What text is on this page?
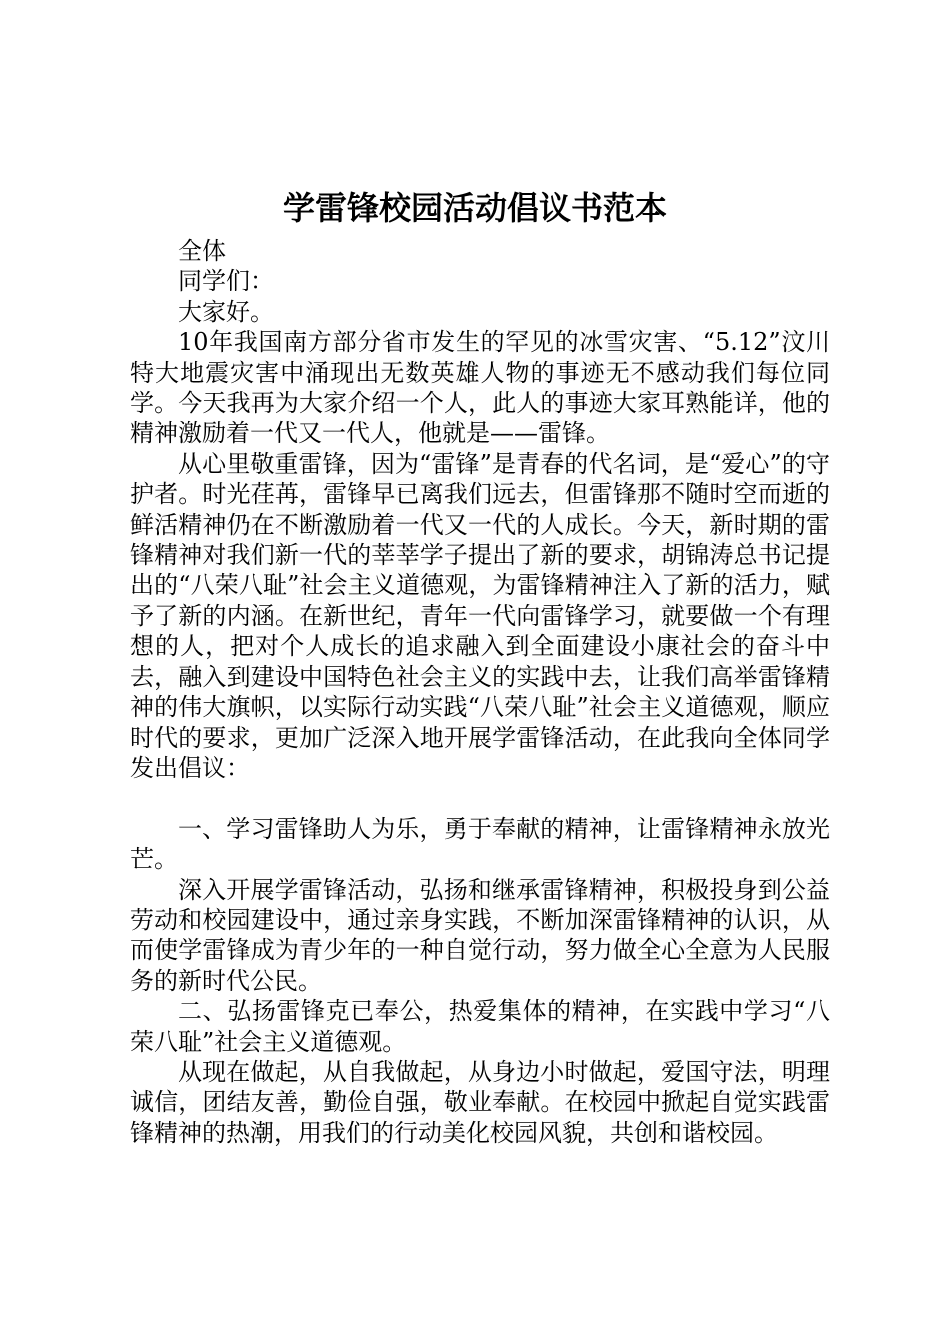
学雷锋校园活动倡议书范本

全体

同学们：

大家好。

10年我国南方部分省市发生的罕见的冰雪灾害、“5.12”汶川特大地震灾害中涌现出无数英雄人物的事迹无不感动我们每位同学。今天我再为大家介绍一个人，此人的事迹大家耳熟能详，他的精神激励着一代又一代人，他就是——雷锋。

从心里敬重雷锋，因为“雷锋”是青春的代名词，是“爱心”的守护者。时光荏苒，雷锋早已离我们远去，但雷锋那不随时空而逝的鲜活精神仍在不断激励着一代又一代的人成长。今天，新时期的雷锋精神对我们新一代的莘莘学子提出了新的要求，胡锦涛总书记提出的“八荣八耻”社会主义道德观，为雷锋精神注入了新的活力，赋予了新的内涵。在新世纪，青年一代向雷锋学习，就要做一个有理想的人，把对个人成长的追求融入到全面建设小康社会的奋斗中去，融入到建设中国特色社会主义的实践中去，让我们高举雷锋精神的伟大旗帜，以实际行动实践“八荣八耻”社会主义道德观，顺应时代的要求，更加广泛深入地开展学雷锋活动，在此我向全体同学发出倡议：

一、学习雷锋助人为乐，勇于奉献的精神，让雷锋精神永放光芒。

深入开展学雷锋活动，弘扬和继承雷锋精神，积极投身到公益劳动和校园建设中，通过亲身实践，不断加深雷锋精神的认识，从而使学雷锋成为青少年的一种自觉行动，努力做全心全意为人民服务的新时代公民。

二、弘扬雷锋克已奉公，热爱集体的精神，在实践中学习“八荣八耻”社会主义道德观。

从现在做起，从自我做起，从身边小时做起，爱国守法，明理诚信，团结友善，勤俭自强，敬业奉献。在校园中掀起自觉实践雷锋精神的热潮，用我们的行动美化校园风貌，共创和谐校园。
